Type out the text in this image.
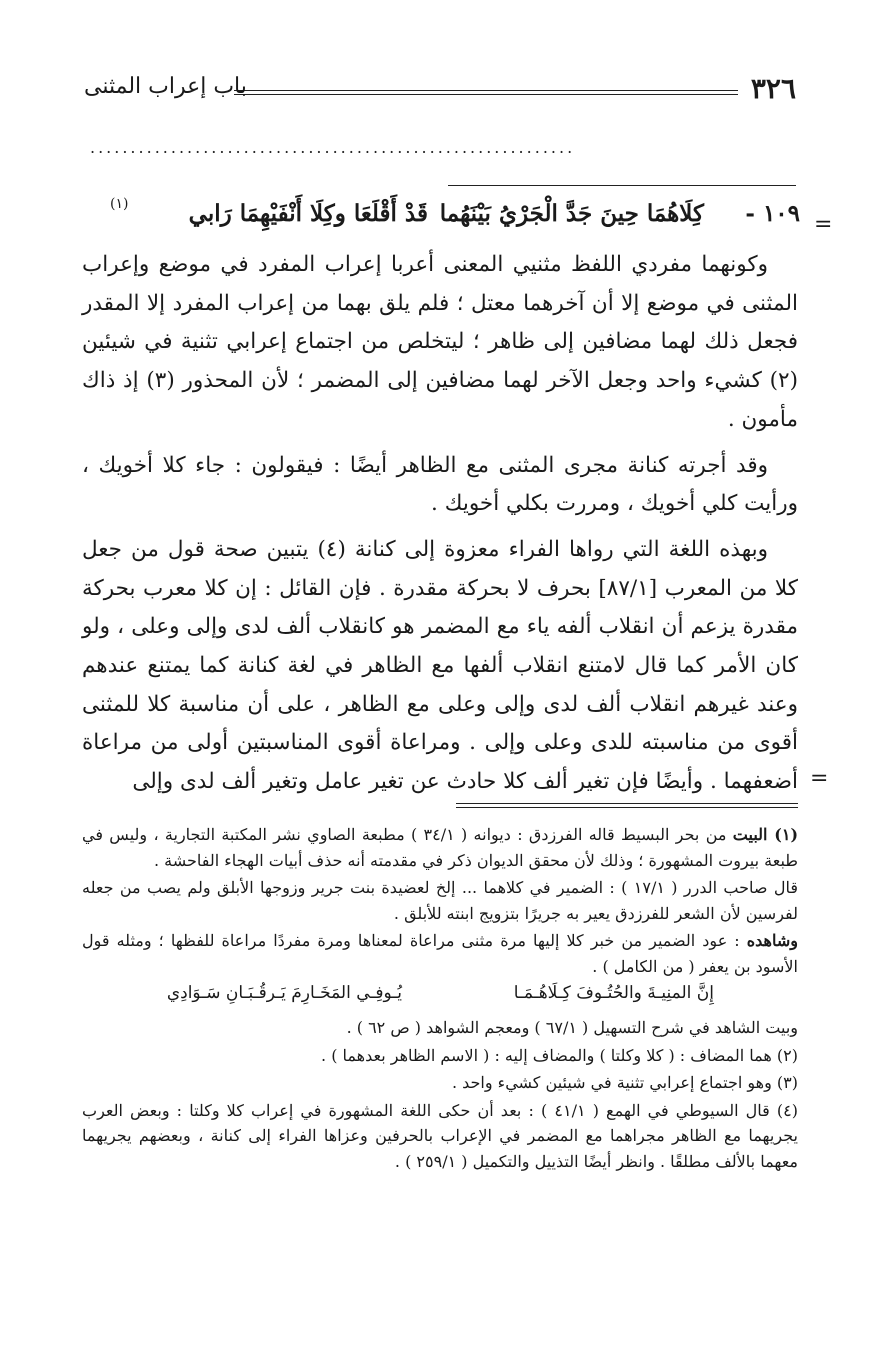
٣٢٦
باب إعراب المثنى
............................................................
١٠٩ -
كِلَاهُمَا حِينَ جَدَّ الْجَرْيُ بَيْنَهُما
قَدْ أَقْلَعَا وكِلَا أَنْفَيْهِمَا رَابي
(١)
=
=

وكونهما مفردي اللفظ مثنيي المعنى أعربا إعراب المفرد في موضع وإعراب المثنى في موضع إلا أن آخرهما معتل ؛ فلم يلق بهما من إعراب المفرد إلا المقدر فجعل ذلك لهما مضافين إلى ظاهر ؛ ليتخلص من اجتماع إعرابي تثنية في شيئين (٢) كشيء واحد وجعل الآخر لهما مضافين إلى المضمر ؛ لأن المحذور (٣) إذ ذاك مأمون .

وقد أجرته كنانة مجرى المثنى مع الظاهر أيضًا : فيقولون : جاء كلا أخويك ، ورأيت كلي أخويك ، ومررت بكلي أخويك .

وبهذه اللغة التي رواها الفراء معزوة إلى كنانة (٤) يتبين صحة قول من جعل كلا من المعرب [٨٧/١] بحرف لا بحركة مقدرة . فإن القائل : إن كلا معرب بحركة مقدرة يزعم أن انقلاب ألفه ياء مع المضمر هو كانقلاب ألف لدى وإلى وعلى ، ولو كان الأمر كما قال لامتنع انقلاب ألفها مع الظاهر في لغة كنانة كما يمتنع عندهم وعند غيرهم انقلاب ألف لدى وإلى وعلى مع الظاهر ، على أن مناسبة كلا للمثنى أقوى من مناسبته للدى وعلى وإلى . ومراعاة أقوى المناسبتين أولى من مراعاة أضعفهما . وأيضًا فإن تغير ألف كلا حادث عن تغير عامل وتغير ألف لدى وإلى

(١) البيت من بحر البسيط قاله الفرزدق : ديوانه ( ٣٤/١ ) مطبعة الصاوي نشر المكتبة التجارية ، وليس في طبعة بيروت المشهورة ؛ وذلك لأن محقق الديوان ذكر في مقدمته أنه حذف أبيات الهجاء الفاحشة .

قال صاحب الدرر ( ١٧/١ ) : الضمير في كلاهما ... إلخ لعضيدة بنت جرير وزوجها الأبلق ولم يصب من جعله لفرسين لأن الشعر للفرزدق يعير به جريرًا بتزويج ابنته للأبلق .

وشاهده : عود الضمير من خبر كلا إليها مرة مثنى مراعاة لمعناها ومرة مفردًا مراعاة للفظها ؛ ومثله قول الأسود بن يعفر ( من الكامل ) .

إِنَّ المنِيـةَ والحُتُـوفَ كِـلَاهُـمَـا
يُـوفِـي المَخَـارِمَ يَـرقُـبَـانِ سَـوَادِي

وبيت الشاهد في شرح التسهيل ( ٦٧/١ ) ومعجم الشواهد ( ص ٦٢ ) .

(٢) هما المضاف : ( كلا وكلتا ) والمضاف إليه : ( الاسم الظاهر بعدهما ) .

(٣) وهو اجتماع إعرابي تثنية في شيئين كشيء واحد .

(٤) قال السيوطي في الهمع ( ٤١/١ ) : بعد أن حكى اللغة المشهورة في إعراب كلا وكلتا : وبعض العرب يجريهما مع الظاهر مجراهما مع المضمر في الإعراب بالحرفين وعزاها الفراء إلى كنانة ، وبعضهم يجريهما معهما بالألف مطلقًا . وانظر أيضًا التذييل والتكميل ( ٢٥٩/١ ) .
